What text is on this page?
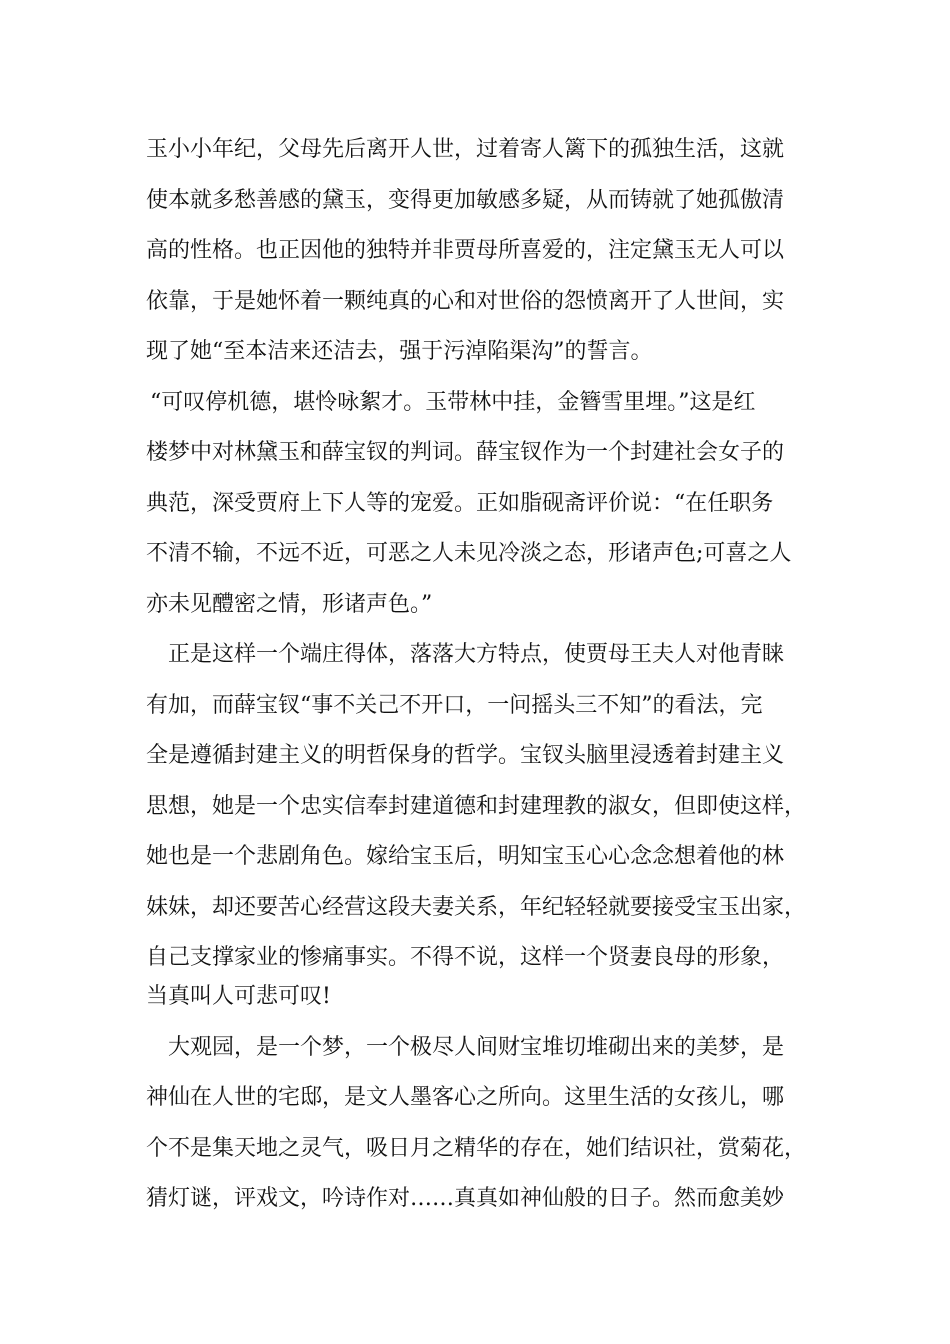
玉小小年纪，父母先后离开人世，过着寄人篱下的孤独生活，这就
使本就多愁善感的黛玉，变得更加敏感多疑，从而铸就了她孤傲清
高的性格。也正因他的独特并非贾母所喜爱的，注定黛玉无人可以
依靠，于是她怀着一颗纯真的心和对世俗的怨愤离开了人世间，实
现了她“至本洁来还洁去，强于污淖陷渠沟”的誓言。
“可叹停机德，堪怜咏絮才。玉带林中挂，金簪雪里埋。”这是红
楼梦中对林黛玉和薛宝钗的判词。薛宝钗作为一个封建社会女子的
典范，深受贾府上下人等的宠爱。正如脂砚斋评价说：“在任职务
不清不输，不远不近，可恶之人未见冷淡之态，形诸声色;可喜之人
亦未见醴密之情，形诸声色。”
正是这样一个端庄得体，落落大方特点，使贾母王夫人对他青睐
有加，而薛宝钗“事不关己不开口，一问摇头三不知”的看法，完
全是遵循封建主义的明哲保身的哲学。宝钗头脑里浸透着封建主义
思想，她是一个忠实信奉封建道德和封建理教的淑女，但即使这样，
她也是一个悲剧角色。嫁给宝玉后，明知宝玉心心念念想着他的林
妹妹，却还要苦心经营这段夫妻关系，年纪轻轻就要接受宝玉出家，
自己支撑家业的惨痛事实。不得不说，这样一个贤妻良母的形象，
当真叫人可悲可叹!
大观园，是一个梦，一个极尽人间财宝堆切堆砌出来的美梦，是
神仙在人世的宅邸，是文人墨客心之所向。这里生活的女孩儿，哪
个不是集天地之灵气，吸日月之精华的存在，她们结识社，赏菊花，
猜灯谜，评戏文，吟诗作对……真真如神仙般的日子。然而愈美妙
